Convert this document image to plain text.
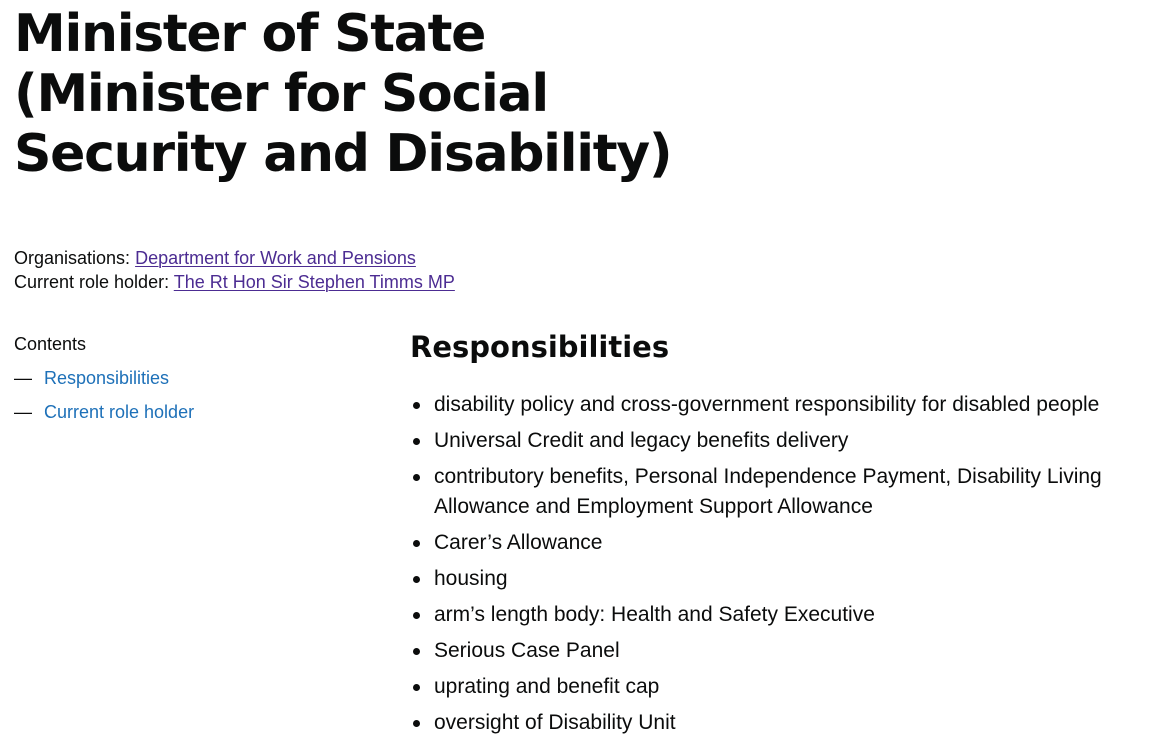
Minister of State (Minister for Social Security and Disability)
Organisations: Department for Work and Pensions
Current role holder: The Rt Hon Sir Stephen Timms MP
Contents
— Responsibilities
— Current role holder
Responsibilities
disability policy and cross-government responsibility for disabled people
Universal Credit and legacy benefits delivery
contributory benefits, Personal Independence Payment, Disability Living Allowance and Employment Support Allowance
Carer’s Allowance
housing
arm’s length body: Health and Safety Executive
Serious Case Panel
uprating and benefit cap
oversight of Disability Unit
